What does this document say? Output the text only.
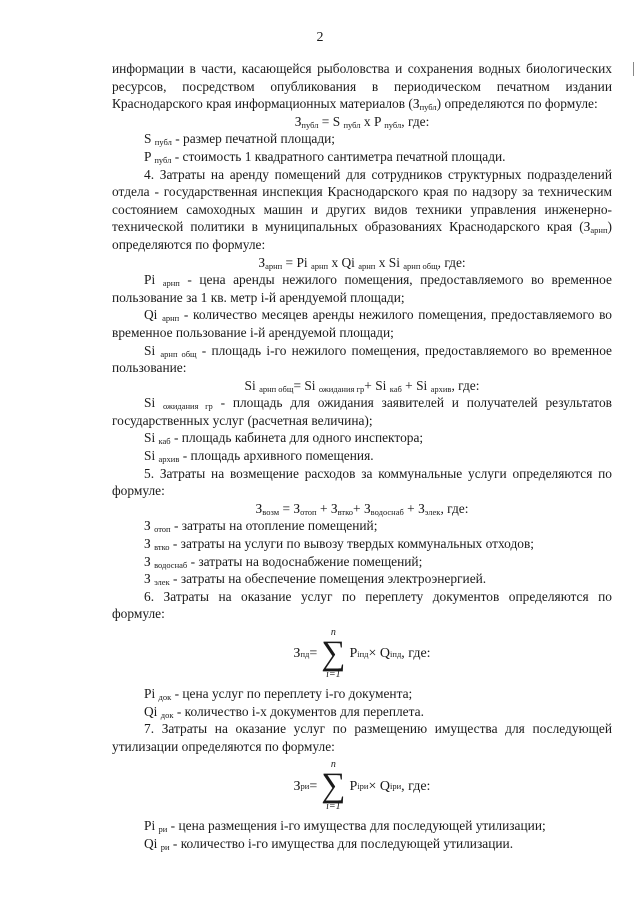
2

информации в части, касающейся рыболовства и сохранения водных биологических ресурсов, посредством опубликования в периодическом печатном издании Краснодарского края информационных материалов $(З_{публ})$ определяются по формуле:

$З_{публ} = S$ $_{публ}$ x P $_{публ}$, где:

S $_{публ}$ - размер печатной площади;

P $_{публ}$ - стоимость 1 квадратного сантиметра печатной площади.

4. Затраты на аренду помещений для сотрудников структурных подразделений отдела - государственная инспекция Краснодарского края по надзору за техническим состоянием самоходных машин и других видов техники управления инженерно-технической политики в муниципальных образованиях Краснодарского края $(З_{арнп})$ определяются по формуле:

$З_{арнп} = Pi$ $_{арнп}$ x Qi $_{арнп}$ x Si $_{арнп общ}$, где:

Pi $_{арнп}$ - цена аренды нежилого помещения, предоставляемого во временное пользование за 1 кв. метр i-й арендуемой площади;

Qi $_{арнп}$ - количество месяцев аренды нежилого помещения, предоставляемого во временное пользование i-й арендуемой площади;

Si $_{арнп общ}$ - площадь i-го нежилого помещения, предоставляемого во временное пользование:

Si $_{арнп общ}$= Si $_{ожидания гр}$+ Si $_{каб}$ + Si $_{архив}$, где:

Si $_{ожидания гр}$ - площадь для ожидания заявителей и получателей результатов государственных услуг (расчетная величина);

Si $_{каб}$ - площадь кабинета для одного инспектора;

Si $_{архив}$ - площадь архивного помещения.

5. Затраты на возмещение расходов за коммунальные услуги определяются по формуле:

$З_{возм} = З_{отоп} + З_{втко}+ З_{водоснаб} + З_{элек}$, где:

З $_{отоп}$ - затраты на отопление помещений;

З $_{втко}$ - затраты на услуги по вывозу твердых коммунальных отходов;

З $_{водоснаб}$ - затраты на водоснабжение помещений;

З $_{элек}$ - затраты на обеспечение помещения электроэнергией.

6. Затраты на оказание услуг по переплету документов определяются по формуле:

З пд =
n
∑
i=1
P iпд × Q iпд , где:

Pi $_{док}$ - цена услуг по переплету i-го документа;

Qi $_{док}$ - количество i-х документов для переплета.

7. Затраты на оказание услуг по размещению имущества для последующей утилизации определяются по формуле:

З ри =
n
∑
i=1
P iри × Q iри , где:

Pi $_{ри}$ - цена размещения i-го имущества для последующей утилизации;

Qi $_{ри}$ - количество i-го имущества для последующей утилизации.
